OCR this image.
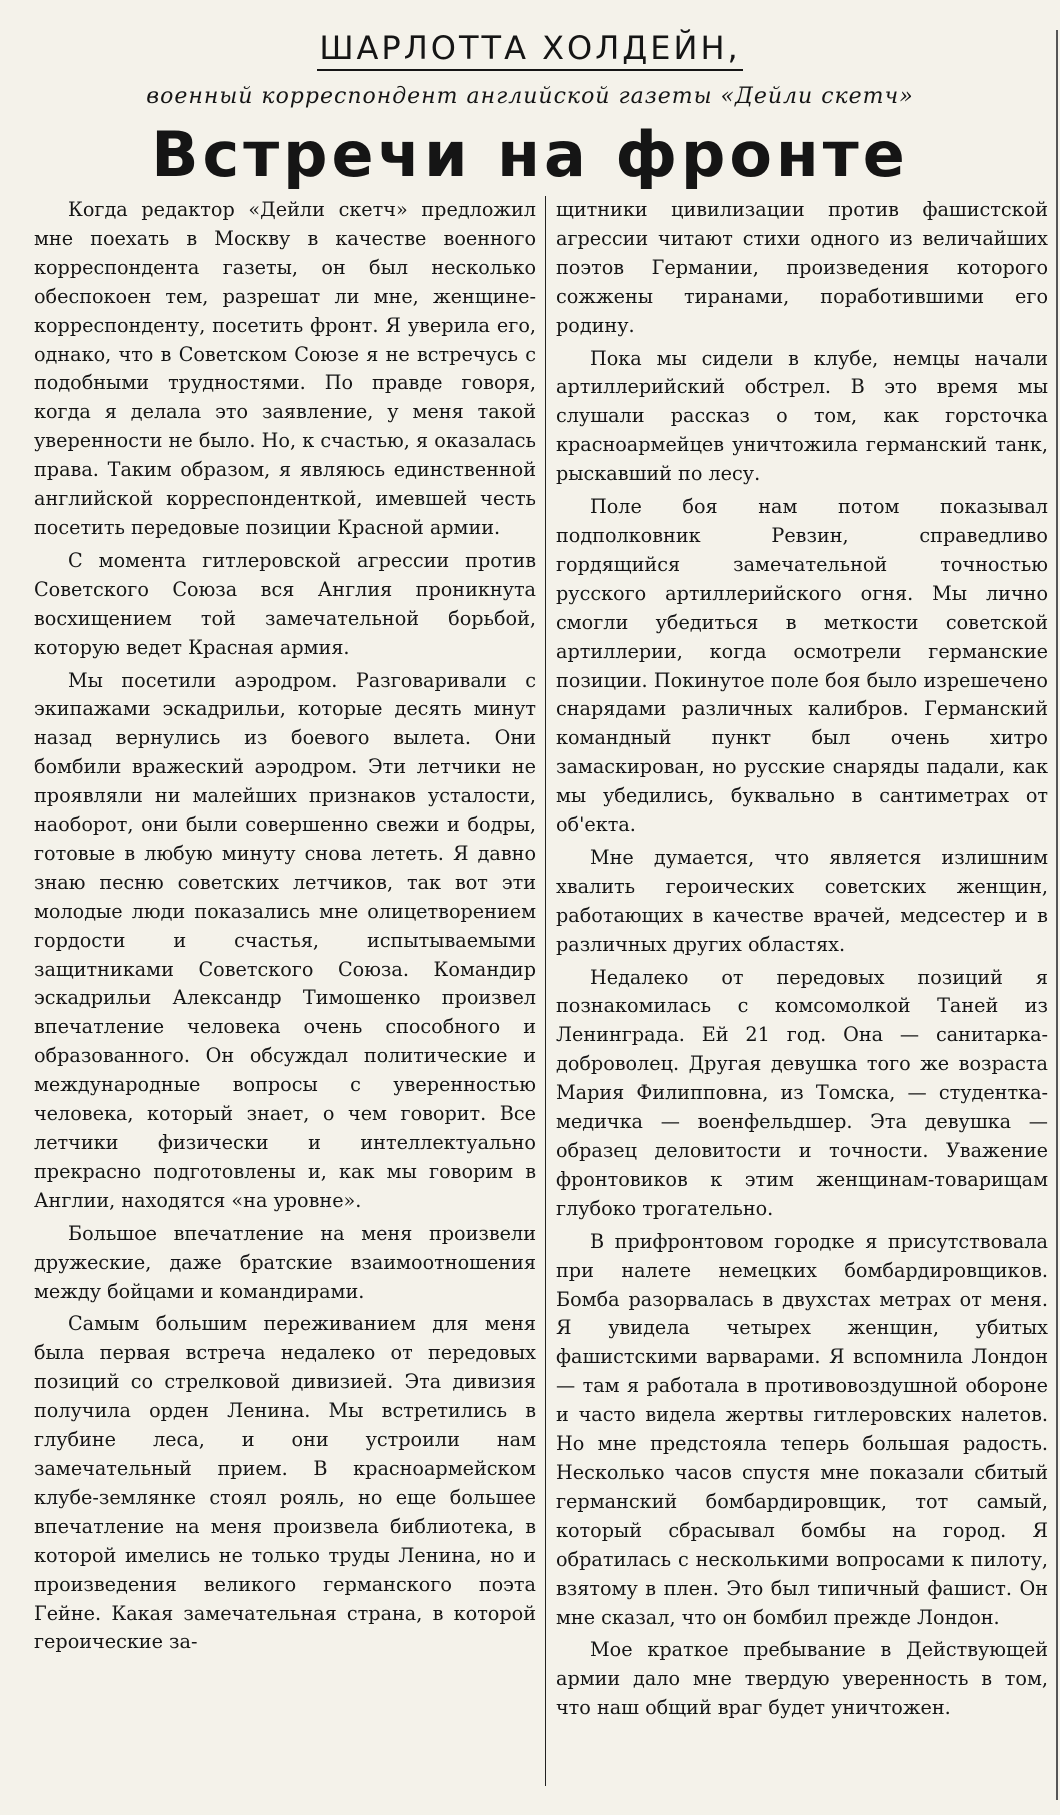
ШАРЛОТТА ХОЛДЕЙН,
военный корреспондент английской газеты «Дейли скетч»
Встречи на фронте

Когда редактор «Дейли скетч» предложил мне поехать в Москву в качестве военного корреспондента газеты, он был несколько обеспокоен тем, разрешат ли мне, женщине-корреспонденту, посетить фронт. Я уверила его, однако, что в Советском Союзе я не встречусь с подобными трудностями. По правде говоря, когда я делала это заявление, у меня такой уверенности не было. Но, к счастью, я оказалась права. Таким образом, я являюсь единственной английской корреспонденткой, имевшей честь посетить передовые позиции Красной армии.

С момента гитлеровской агрессии против Советского Союза вся Англия проникнута восхищением той замечательной борьбой, которую ведет Красная армия.

Мы посетили аэродром. Разговаривали с экипажами эскадрильи, которые десять минут назад вернулись из боевого вылета. Они бомбили вражеский аэродром. Эти летчики не проявляли ни малейших признаков усталости, наоборот, они были совершенно свежи и бодры, готовые в любую минуту снова лететь. Я давно знаю песню советских летчиков, так вот эти молодые люди показались мне олицетворением гордости и счастья, испытываемыми защитниками Советского Союза. Командир эскадрильи Александр Тимошенко произвел впечатление человека очень способного и образованного. Он обсуждал политические и международные вопросы с уверенностью человека, который знает, о чем говорит. Все летчики физически и интеллектуально прекрасно подготовлены и, как мы говорим в Англии, находятся «на уровне».

Большое впечатление на меня произвели дружеские, даже братские взаимоотношения между бойцами и командирами.

Самым большим переживанием для меня была первая встреча недалеко от передовых позиций со стрелковой дивизией. Эта дивизия получила орден Ленина. Мы встретились в глубине леса, и они устроили нам замечательный прием. В красноармейском клубе-землянке стоял рояль, но еще большее впечатление на меня произвела библиотека, в которой имелись не только труды Ленина, но и произведения великого германского поэта Гейне. Какая замечательная страна, в которой героические за-

щитники цивилизации против фашистской агрессии читают стихи одного из величайших поэтов Германии, произведения которого сожжены тиранами, поработившими его родину.

Пока мы сидели в клубе, немцы начали артиллерийский обстрел. В это время мы слушали рассказ о том, как горсточка красноармейцев уничтожила германский танк, рыскавший по лесу.

Поле боя нам потом показывал подполковник Ревзин, справедливо гордящийся замечательной точностью русского артиллерийского огня. Мы лично смогли убедиться в меткости советской артиллерии, когда осмотрели германские позиции. Покинутое поле боя было изрешечено снарядами различных калибров. Германский командный пункт был очень хитро замаскирован, но русские снаряды падали, как мы убедились, буквально в сантиметрах от об'екта.

Мне думается, что является излишним хвалить героических советских женщин, работающих в качестве врачей, медсестер и в различных других областях.

Недалеко от передовых позиций я познакомилась с комсомолкой Таней из Ленинграда. Ей 21 год. Она — санитарка-доброволец. Другая девушка того же возраста Мария Филипповна, из Томска, — студентка-медичка — военфельдшер. Эта девушка — образец деловитости и точности. Уважение фронтовиков к этим женщинам-товарищам глубоко трогательно.

В прифронтовом городке я присутствовала при налете немецких бомбардировщиков. Бомба разорвалась в двухстах метрах от меня. Я увидела четырех женщин, убитых фашистскими варварами. Я вспомнила Лондон — там я работала в противовоздушной обороне и часто видела жертвы гитлеровских налетов. Но мне предстояла теперь большая радость. Несколько часов спустя мне показали сбитый германский бомбардировщик, тот самый, который сбрасывал бомбы на город. Я обратилась с несколькими вопросами к пилоту, взятому в плен. Это был типичный фашист. Он мне сказал, что он бомбил прежде Лондон.

Мое краткое пребывание в Действующей армии дало мне твердую уверенность в том, что наш общий враг будет уничтожен.
